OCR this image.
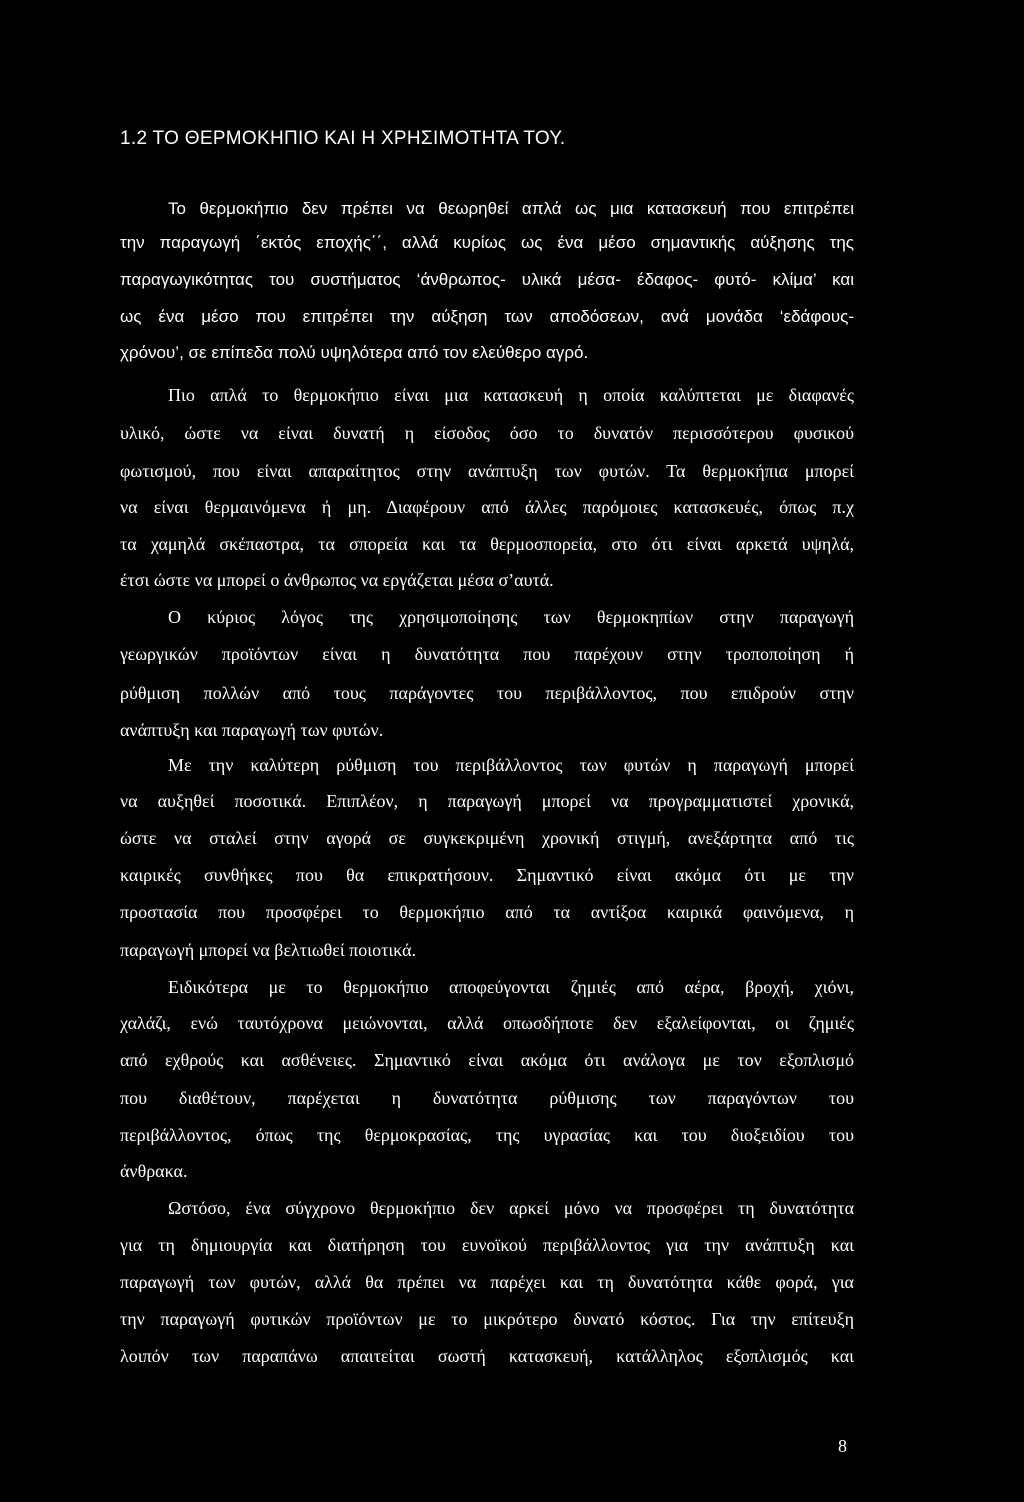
1.2 ΤΟ ΘΕΡΜΟΚΗΠΙΟ ΚΑΙ Η ΧΡΗΣΙΜΟΤΗΤΑ ΤΟΥ.
Το θερμοκήπιο δεν πρέπει να θεωρηθεί απλά ως μια κατασκευή που επιτρέπει
την παραγωγή ΄εκτός εποχής΄΄, αλλά κυρίως ως ένα μέσο σημαντικής αύξησης της
παραγωγικότητας του συστήματος ‘άνθρωπος- υλικά μέσα- έδαφος- φυτό- κλίμα’ και
ως ένα μέσο που επιτρέπει την αύξηση των αποδόσεων, ανά μονάδα ‘εδάφους-
χρόνου’, σε επίπεδα πολύ υψηλότερα από τον ελεύθερο αγρό.
Πιο απλά το θερμοκήπιο είναι μια κατασκευή η οποία καλύπτεται με διαφανές
υλικό, ώστε να είναι δυνατή η είσοδος όσο το δυνατόν περισσότερου φυσικού
φωτισμού, που είναι απαραίτητος στην ανάπτυξη των φυτών. Τα θερμοκήπια μπορεί
να είναι θερμαινόμενα ή μη. Διαφέρουν από άλλες παρόμοιες κατασκευές, όπως π.χ
τα χαμηλά σκέπαστρα, τα σπορεία και τα θερμοσπορεία, στο ότι είναι αρκετά υψηλά,
έτσι ώστε να μπορεί ο άνθρωπος να εργάζεται μέσα σ’αυτά.
Ο κύριος λόγος της χρησιμοποίησης των θερμοκηπίων στην παραγωγή
γεωργικών προϊόντων είναι η δυνατότητα που παρέχουν στην τροποποίηση ή
ρύθμιση πολλών από τους παράγοντες του περιβάλλοντος, που επιδρούν στην
ανάπτυξη και παραγωγή των φυτών.
Με την καλύτερη ρύθμιση του περιβάλλοντος των φυτών η παραγωγή μπορεί
να αυξηθεί ποσοτικά. Επιπλέον, η παραγωγή μπορεί να προγραμματιστεί χρονικά,
ώστε να σταλεί στην αγορά σε συγκεκριμένη χρονική στιγμή, ανεξάρτητα από τις
καιρικές συνθήκες που θα επικρατήσουν. Σημαντικό είναι ακόμα ότι με την
προστασία που προσφέρει το θερμοκήπιο από τα αντίξοα καιρικά φαινόμενα, η
παραγωγή μπορεί να βελτιωθεί ποιοτικά.
Ειδικότερα με το θερμοκήπιο αποφεύγονται ζημιές από αέρα, βροχή, χιόνι,
χαλάζι, ενώ ταυτόχρονα μειώνονται, αλλά οπωσδήποτε δεν εξαλείφονται, οι ζημιές
από εχθρούς και ασθένειες. Σημαντικό είναι ακόμα ότι ανάλογα με τον εξοπλισμό
που διαθέτουν, παρέχεται η δυνατότητα ρύθμισης των παραγόντων του
περιβάλλοντος, όπως της θερμοκρασίας, της υγρασίας και του διοξειδίου του
άνθρακα.
Ωστόσο, ένα σύγχρονο θερμοκήπιο δεν αρκεί μόνο να προσφέρει τη δυνατότητα
για τη δημιουργία και διατήρηση του ευνοϊκού περιβάλλοντος για την ανάπτυξη και
παραγωγή των φυτών, αλλά θα πρέπει να παρέχει και τη δυνατότητα κάθε φορά, για
την παραγωγή φυτικών προϊόντων με το μικρότερο δυνατό κόστος. Για την επίτευξη
λοιπόν των παραπάνω απαιτείται σωστή κατασκευή, κατάλληλος εξοπλισμός και
8
